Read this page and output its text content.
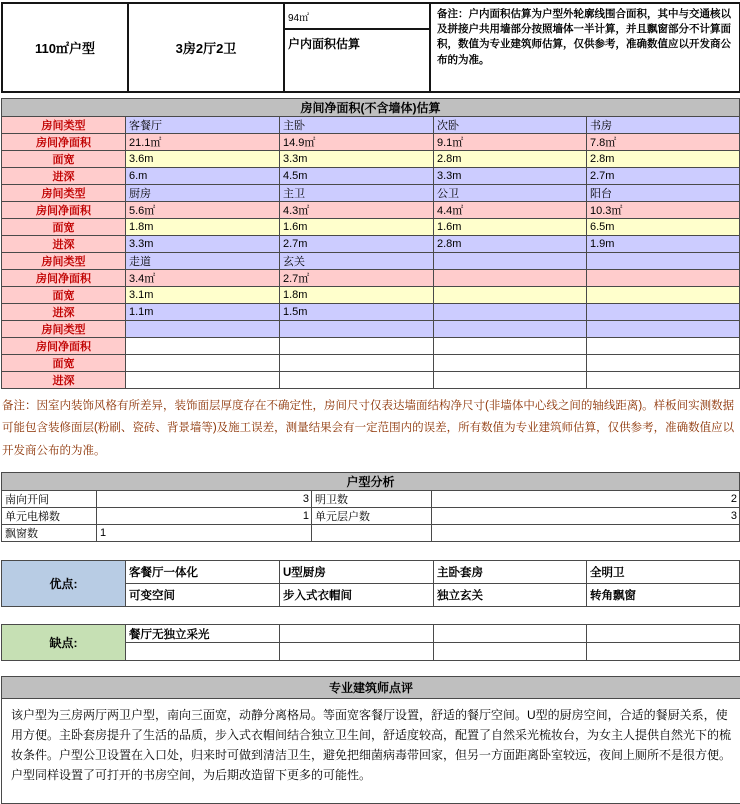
110㎡户型	3房2厅2卫	94㎡	备注：户内面积估算为户型外轮廓线围合面积，其中与交通核以及拼接户共用墙部分按照墙体一半计算，并且飘窗部分不计算面积，数值为专业建筑师估算，仅供参考，准确数值应以开发商公布的为准。
户内面积估算
房间净面积(不含墙体)估算				
房间类型	客餐厅	主卧	次卧	书房
房间净面积	21.1㎡	14.9㎡	9.1㎡	7.8㎡
面宽	3.6m	3.3m	2.8m	2.8m
进深	6.m	4.5m	3.3m	2.7m
房间类型	厨房	主卫	公卫	阳台
房间净面积	5.6㎡	4.3㎡	4.4㎡	10.3㎡
面宽	1.8m	1.6m	1.6m	6.5m
进深	3.3m	2.7m	2.8m	1.9m
房间类型	走道	玄关		
房间净面积	3.4㎡	2.7㎡		
面宽	3.1m	1.8m		
进深	1.1m	1.5m		
房间类型				
房间净面积				
面宽				
进深				
备注：因室内装饰风格有所差异，装饰面层厚度存在不确定性，房间尺寸仅表达墙面结构净尺寸(非墙体中心线之间的轴线距离)。样板间实测数据可能包含装修面层(粉刷、瓷砖、背景墙等)及施工误差，测量结果会有一定范围内的误差，所有数值为专业建筑师估算，仅供参考，准确数值应以开发商公布的为准。
户型分析			
南向开间	3	明卫数	2
单元电梯数	1	单元层户数	3
飘窗数	1		
优点:	客餐厅一体化	U型厨房	主卧套房	全明卫
	可变空间	步入式衣帽间	独立玄关	转角飘窗
缺点:	餐厅无独立采光			

专业建筑师点评
该户型为三房两厅两卫户型，南向三面宽，动静分离格局。等面宽客餐厅设置，舒适的餐厅空间。U型的厨房空间，合适的餐厨关系，使用方便。主卧套房提升了生活的品质，步入式衣帽间结合独立卫生间，舒适度较高，配置了自然采光梳妆台，为女主人提供自然光下的梳妆条件。户型公卫设置在入口处，归来时可做到清洁卫生，避免把细菌病毒带回家，但另一方面距离卧室较远，夜间上厕所不是很方便。户型同样设置了可打开的书房空间，为后期改造留下更多的可能性。
